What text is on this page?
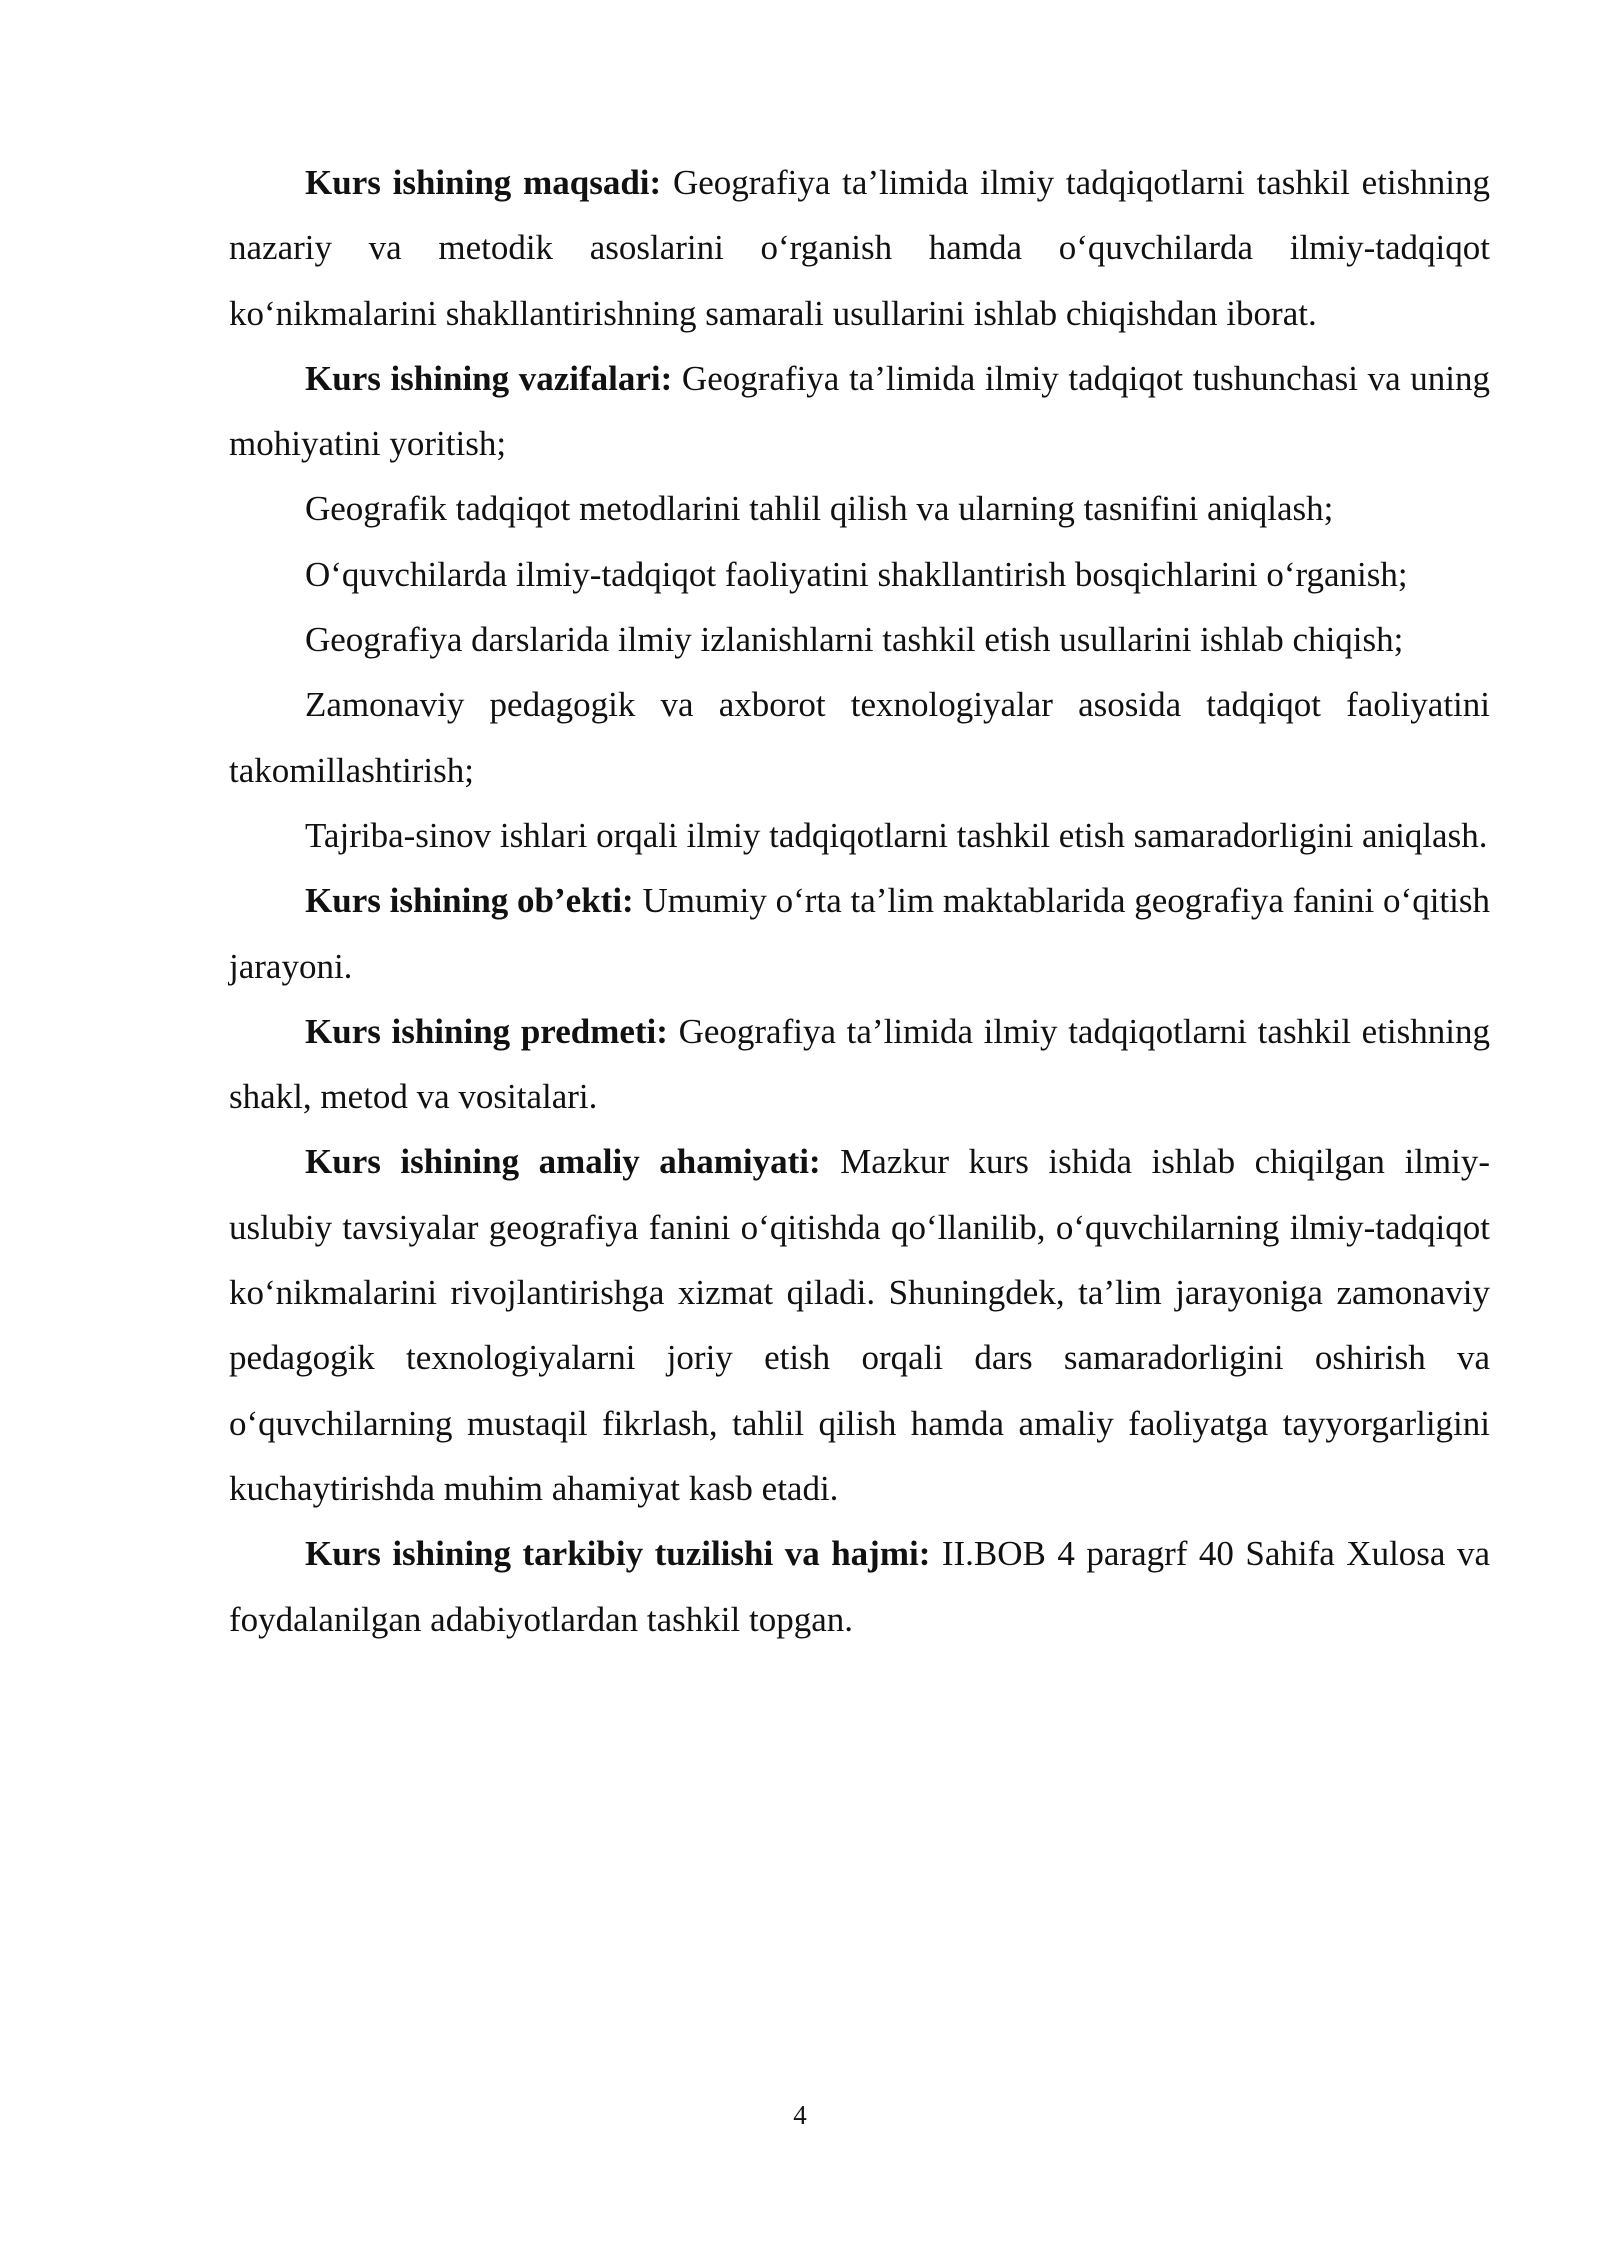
Kurs ishining maqsadi: Geografiya ta’limida ilmiy tadqiqotlarni tashkil etishning nazariy va metodik asoslarini o‘rganish hamda o‘quvchilarda ilmiy-tadqiqot ko‘nikmalarini shakllantirishning samarali usullarini ishlab chiqishdan iborat.

Kurs ishining vazifalari: Geografiya ta’limida ilmiy tadqiqot tushunchasi va uning mohiyatini yoritish;

Geografik tadqiqot metodlarini tahlil qilish va ularning tasnifini aniqlash;

O‘quvchilarda ilmiy-tadqiqot faoliyatini shakllantirish bosqichlarini o‘rganish;

Geografiya darslarida ilmiy izlanishlarni tashkil etish usullarini ishlab chiqish;

Zamonaviy pedagogik va axborot texnologiyalar asosida tadqiqot faoliyatini takomillashtirish;

Tajriba-sinov ishlari orqali ilmiy tadqiqotlarni tashkil etish samaradorligini aniqlash.

Kurs ishining ob’ekti: Umumiy o‘rta ta’lim maktablarida geografiya fanini o‘qitish jarayoni.

Kurs ishining predmeti: Geografiya ta’limida ilmiy tadqiqotlarni tashkil etishning shakl, metod va vositalari.

Kurs ishining amaliy ahamiyati: Mazkur kurs ishida ishlab chiqilgan ilmiy-uslubiy tavsiyalar geografiya fanini o‘qitishda qo‘llanilib, o‘quvchilarning ilmiy-tadqiqot ko‘nikmalarini rivojlantirishga xizmat qiladi. Shuningdek, ta’lim jarayoniga zamonaviy pedagogik texnologiyalarni joriy etish orqali dars samaradorligini oshirish va o‘quvchilarning mustaqil fikrlash, tahlil qilish hamda amaliy faoliyatga tayyorgarligini kuchaytirishda muhim ahamiyat kasb etadi.

Kurs ishining tarkibiy tuzilishi va hajmi: II.BOB 4 paragrf 40 Sahifa Xulosa va foydalanilgan adabiyotlardan tashkil topgan.

4
